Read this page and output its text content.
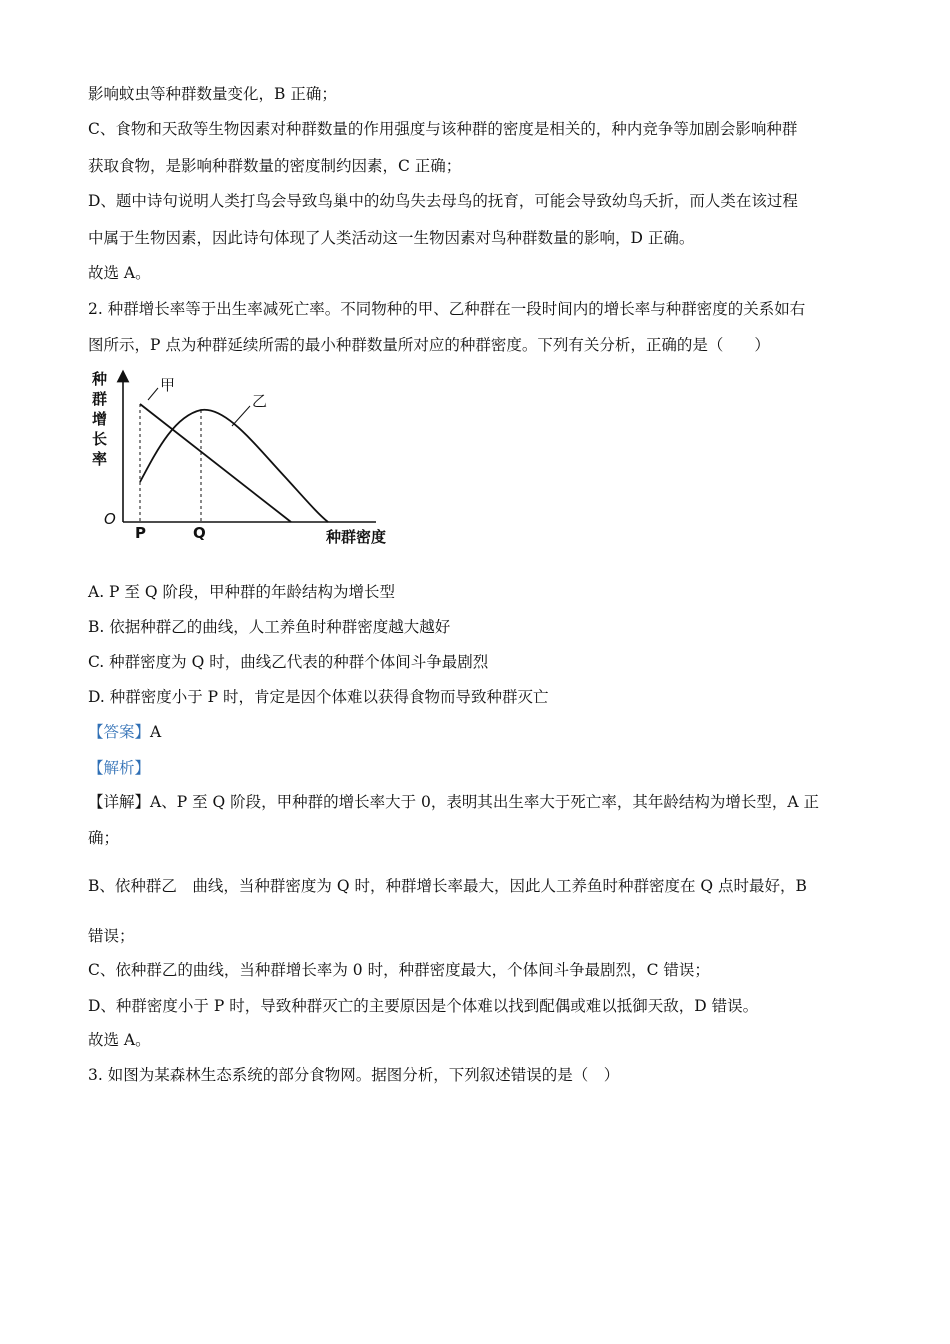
影响蚊虫等种群数量变化，B 正确；
C、食物和天敌等生物因素对种群数量的作用强度与该种群的密度是相关的，种内竞争等加剧会影响种群
获取食物，是影响种群数量的密度制约因素，C 正确；
D、题中诗句说明人类打鸟会导致鸟巢中的幼鸟失去母鸟的抚育，可能会导致幼鸟夭折，而人类在该过程
中属于生物因素，因此诗句体现了人类活动这一生物因素对鸟种群数量的影响，D 正确。
故选 A。
2. 种群增长率等于出生率减死亡率。不同物种的甲、乙种群在一段时间内的增长率与种群密度的关系如右
图所示，P 点为种群延续所需的最小种群数量所对应的种群密度。下列有关分析，正确的是（　　）
种
群
增
长
率
O
P	Q	种群密度
甲
乙
A. P 至 Q 阶段，甲种群的年龄结构为增长型
B. 依据种群乙的曲线，人工养鱼时种群密度越大越好
C. 种群密度为 Q 时，曲线乙代表的种群个体间斗争最剧烈
D. 种群密度小于 P 时，肯定是因个体难以获得食物而导致种群灭亡
【答案】A
【解析】
【详解】A、P 至 Q 阶段，甲种群的增长率大于 0，表明其出生率大于死亡率，其年龄结构为增长型，A 正
确；
B、依种群乙　曲线，当种群密度为 Q 时，种群增长率最大，因此人工养鱼时种群密度在 Q 点时最好，B
错误；
C、依种群乙的曲线，当种群增长率为 0 时，种群密度最大，个体间斗争最剧烈，C 错误；
D、种群密度小于 P 时，导致种群灭亡的主要原因是个体难以找到配偶或难以抵御天敌，D 错误。
故选 A。
3. 如图为某森林生态系统的部分食物网。据图分析，下列叙述错误的是（　）
